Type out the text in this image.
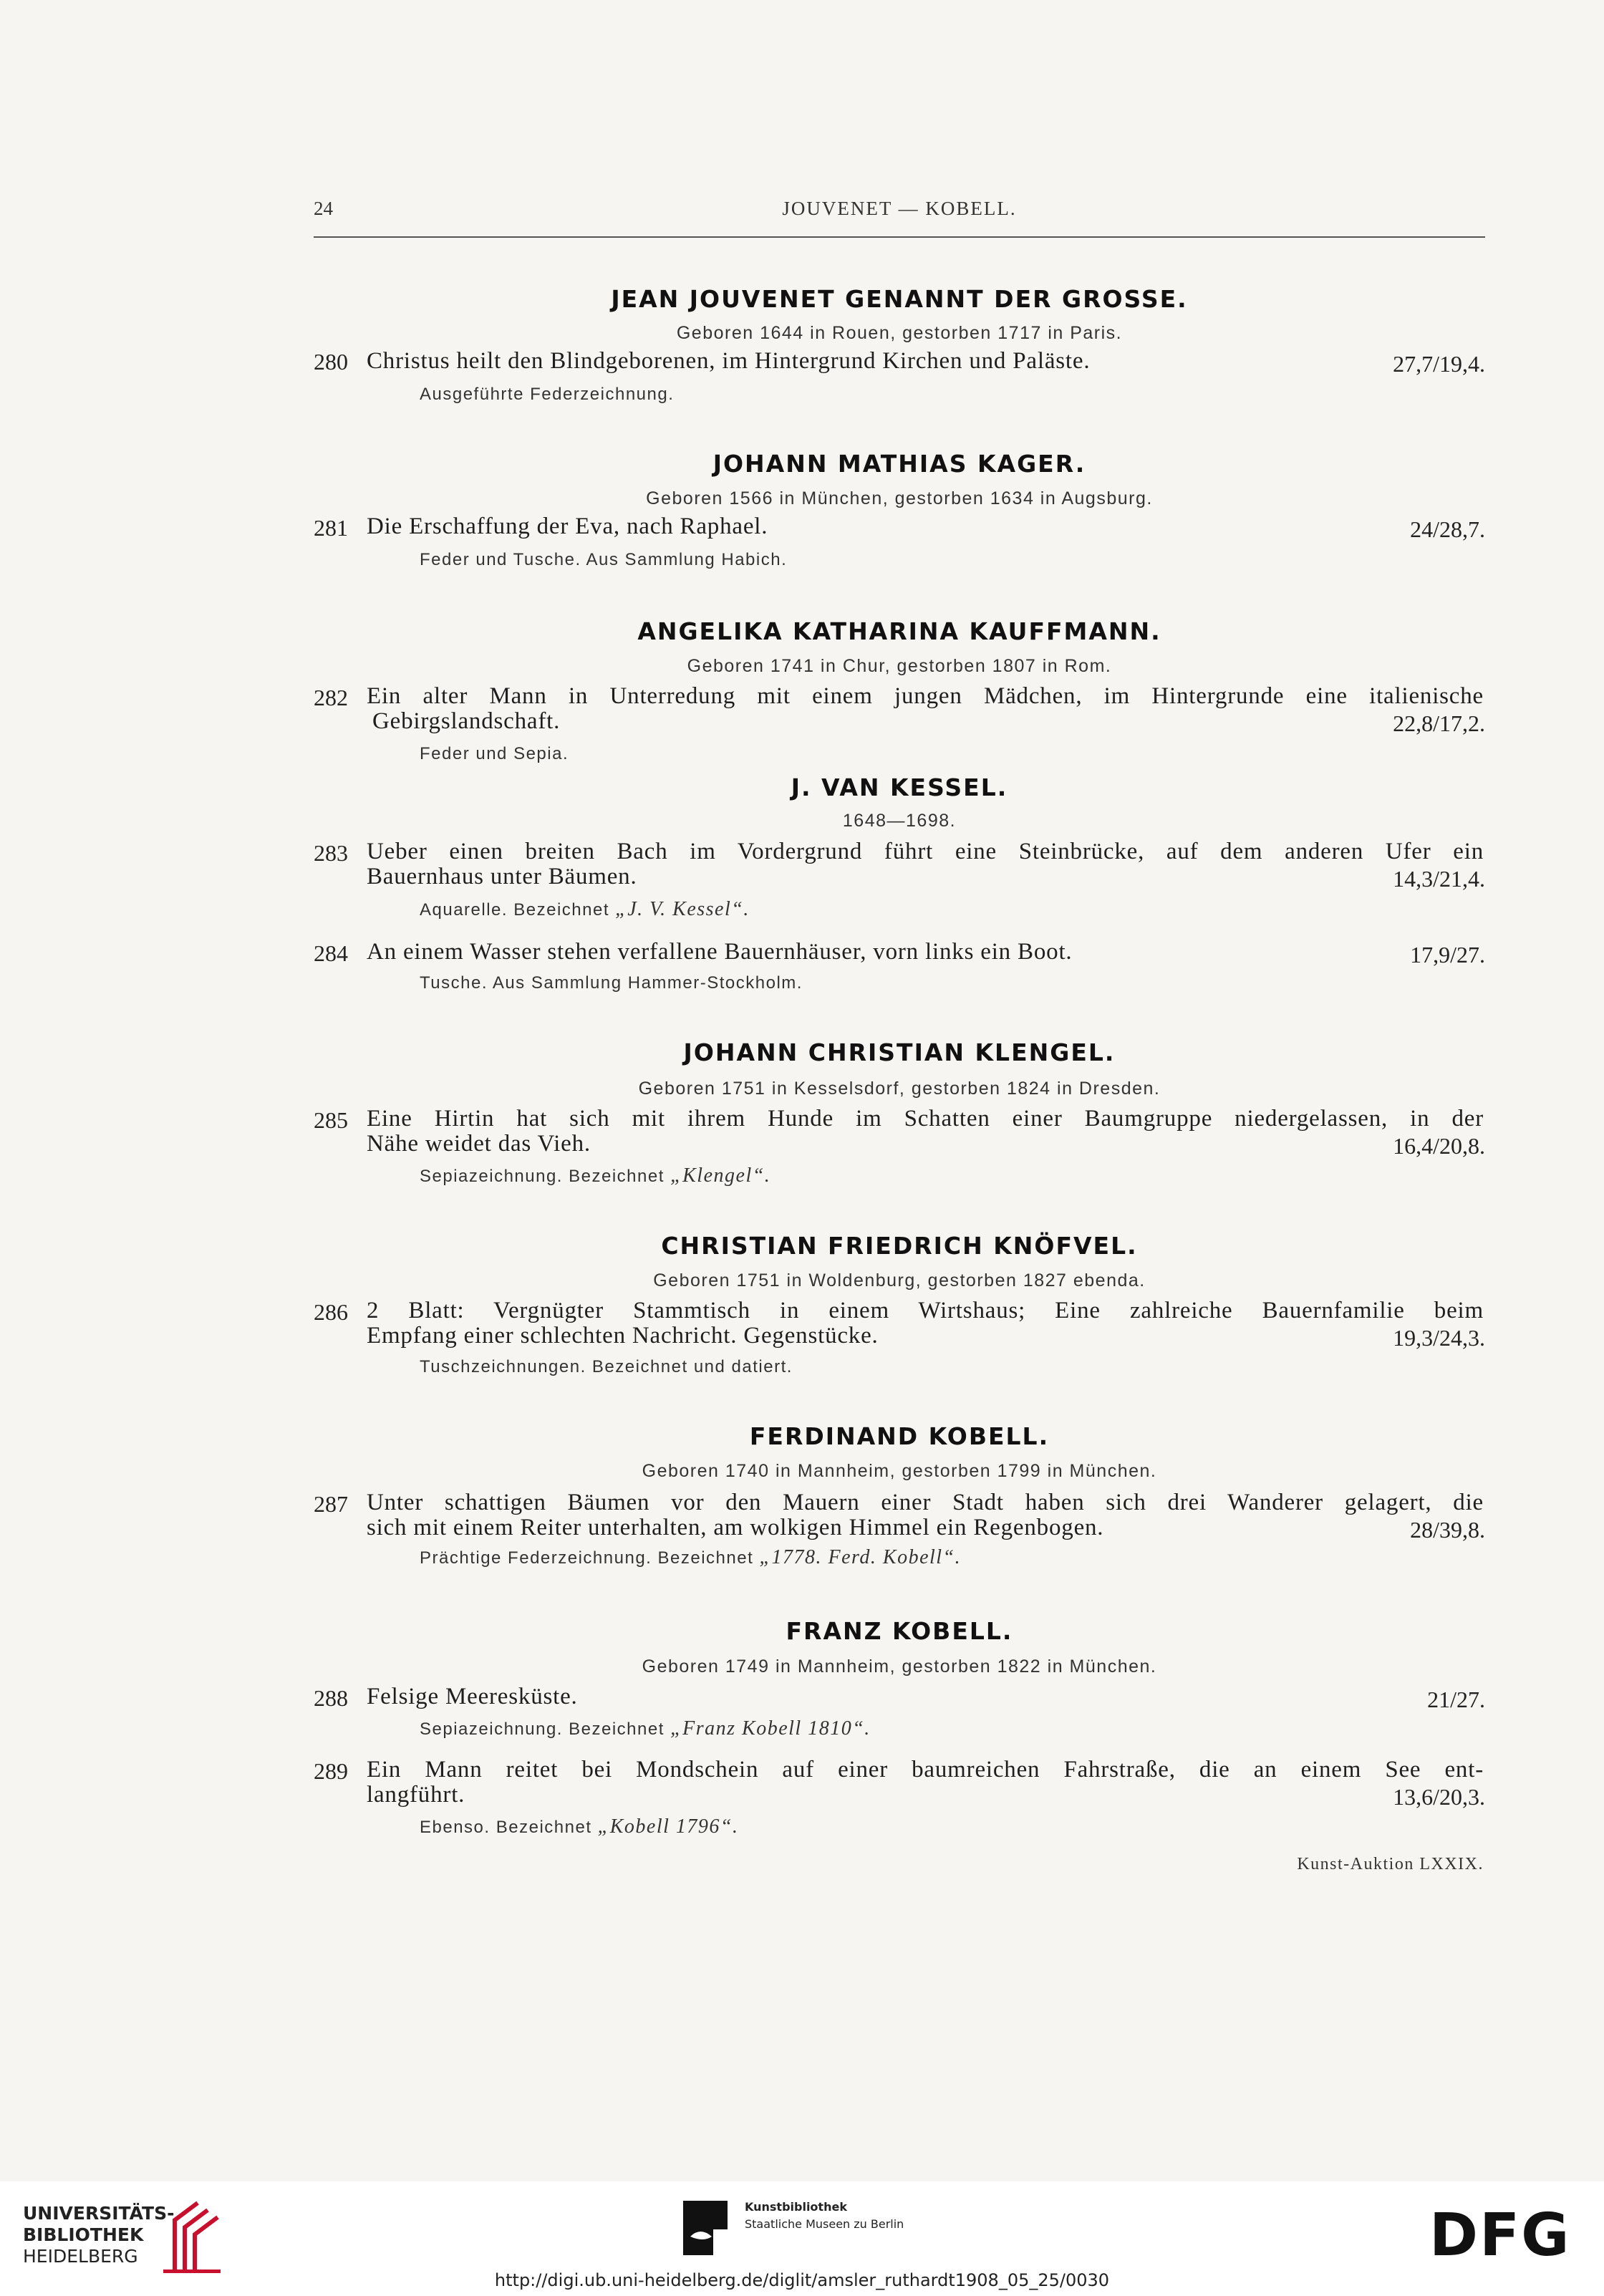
24	JOUVENET — KOBELL.
JEAN JOUVENET GENANNT DER GROSSE.
Geboren 1644 in Rouen, gestorben 1717 in Paris.
280 Christus heilt den Blindgeborenen, im Hintergrund Kirchen und Paläste.	27,7/19,4.
Ausgeführte Federzeichnung.
JOHANN MATHIAS KAGER.
Geboren 1566 in München, gestorben 1634 in Augsburg.
281 Die Erschaffung der Eva, nach Raphael.	24/28,7.
Feder und Tusche. Aus Sammlung Habich.
ANGELIKA KATHARINA KAUFFMANN.
Geboren 1741 in Chur, gestorben 1807 in Rom.
282 Ein alter Mann in Unterredung mit einem jungen Mädchen, im Hintergrunde eine italienische
Gebirgslandschaft.	22,8/17,2.
Feder und Sepia.
J. VAN KESSEL.
1648—1698.
283 Ueber einen breiten Bach im Vordergrund führt eine Steinbrücke, auf dem anderen Ufer ein
Bauernhaus unter Bäumen.	14,3/21,4.
Aquarelle. Bezeichnet „J. V. Kessel“.
284 An einem Wasser stehen verfallene Bauernhäuser, vorn links ein Boot.	17,9/27.
Tusche. Aus Sammlung Hammer-Stockholm.
JOHANN CHRISTIAN KLENGEL.
Geboren 1751 in Kesselsdorf, gestorben 1824 in Dresden.
285 Eine Hirtin hat sich mit ihrem Hunde im Schatten einer Baumgruppe niedergelassen, in der
Nähe weidet das Vieh.	16,4/20,8.
Sepiazeichnung. Bezeichnet „Klengel“.
CHRISTIAN FRIEDRICH KNÖFVEL.
Geboren 1751 in Woldenburg, gestorben 1827 ebenda.
286 2 Blatt: Vergnügter Stammtisch in einem Wirtshaus; Eine zahlreiche Bauernfamilie beim
Empfang einer schlechten Nachricht. Gegenstücke.	19,3/24,3.
Tuschzeichnungen. Bezeichnet und datiert.
FERDINAND KOBELL.
Geboren 1740 in Mannheim, gestorben 1799 in München.
287 Unter schattigen Bäumen vor den Mauern einer Stadt haben sich drei Wanderer gelagert, die
sich mit einem Reiter unterhalten, am wolkigen Himmel ein Regenbogen.	28/39,8.
Prächtige Federzeichnung. Bezeichnet „1778. Ferd. Kobell“.
FRANZ KOBELL.
Geboren 1749 in Mannheim, gestorben 1822 in München.
288 Felsige Meeresküste.	21/27.
Sepiazeichnung. Bezeichnet „Franz Kobell 1810“.
289 Ein Mann reitet bei Mondschein auf einer baumreichen Fahrstraße, die an einem See ent-
langführt.	13,6/20,3.
Ebenso. Bezeichnet „Kobell 1796“.
Kunst-Auktion LXXIX.
UNIVERSITÄTS-
BIBLIOTHEK
HEIDELBERG
Kunstbibliothek
Staatliche Museen zu Berlin	DFG
http://digi.ub.uni-heidelberg.de/diglit/amsler_ruthardt1908_05_25/0030
